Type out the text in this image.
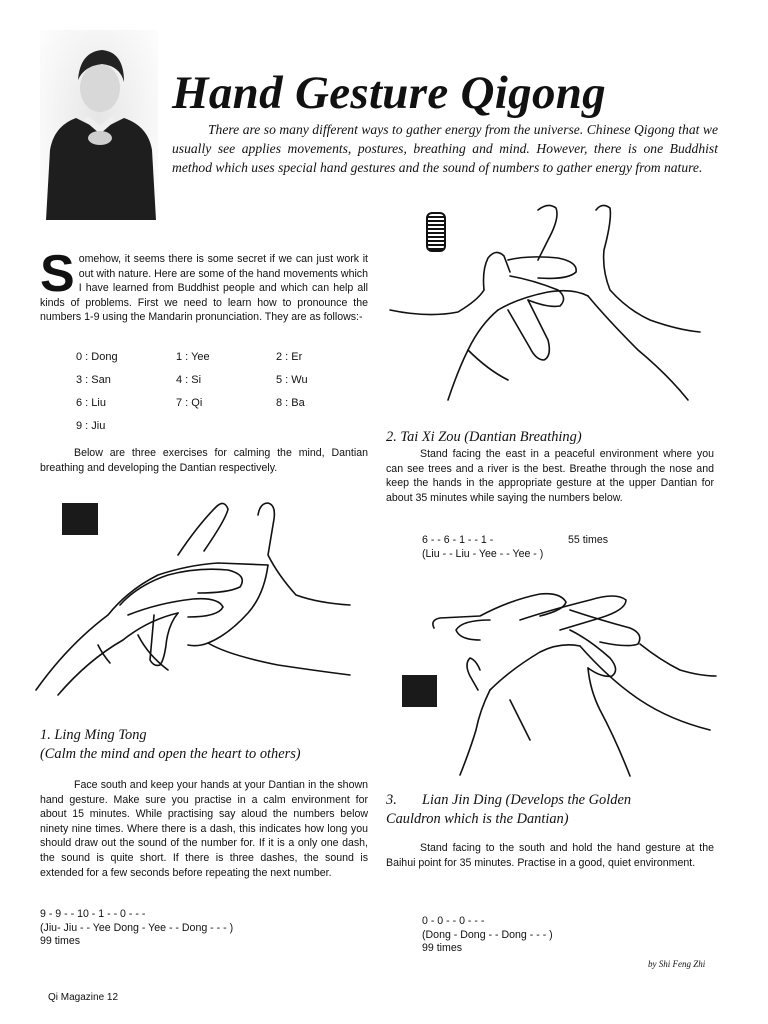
Hand Gesture Qigong
There are so many different ways to gather energy from the universe. Chinese Qigong that we usually see applies movements, postures, breathing and mind. However, there is one Buddhist method which uses special hand gestures and the sound of numbers to gather energy from nature.
Somehow, it seems there is some secret if we can just work it out with nature. Here are some of the hand movements which I have learned from Buddhist people and which can help all kinds of problems. First we need to learn how to pronounce the numbers 1-9 using the Mandarin pronunciation. They are as follows:-
0 : Dong	1 : Yee	2 : Er
3 : San	4 : Si	5 : Wu
6 : Liu	7 : Qi	8 : Ba
9 : Jiu
Below are three exercises for calming the mind, Dantian breathing and developing the Dantian respectively.
1. Ling Ming Tong
(Calm the mind and open the heart to others)
Face south and keep your hands at your Dantian in the shown hand gesture. Make sure you practise in a calm environment for about 15 minutes. While practising say aloud the numbers below ninety nine times. Where there is a dash, this indicates how long you should draw out the sound of the number for. If it is a only one dash, the sound is quite short. If there is three dashes, the sound is extended for a few seconds before repeating the next number.
9 - 9 - - 10 - 1 - - 0 - - -
(Jiu- Jiu - - Yee Dong - Yee - - Dong - - - )
99 times
2. Tai Xi Zou (Dantian Breathing)
Stand facing the east in a peaceful environment where you can see trees and a river is the best. Breathe through the nose and keep the hands in the appropriate gesture at the upper Dantian for about 35 minutes while saying the numbers below.
6 - - 6 - 1 - - 1 -	55 times
(Liu - - Liu - Yee - - Yee - )
3. Lian Jin Ding (Develops the Golden
Cauldron which is the Dantian)
Stand facing to the south and hold the hand gesture at the Baihui point for 35 minutes. Practise in a good, quiet environment.
0 - 0 - - 0 - - -
(Dong - Dong - - Dong - - - )
99 times
by Shi Feng Zhi
Qi Magazine 12
